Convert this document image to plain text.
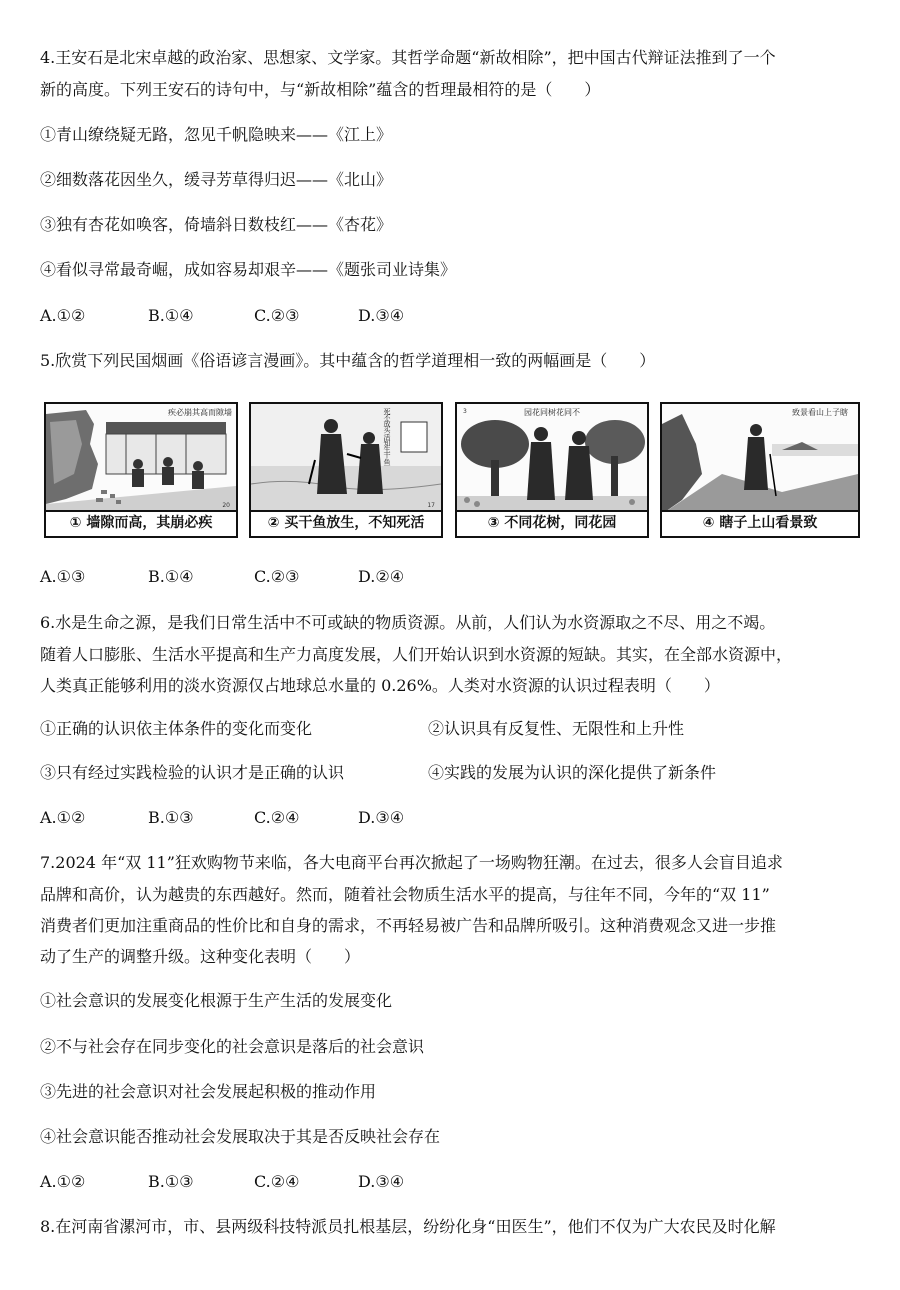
4.王安石是北宋卓越的政治家、思想家、文学家。其哲学命题“新故相除”，把中国古代辩证法推到了一个
新的高度。下列王安石的诗句中，与“新故相除”蕴含的哲理最相符的是（　　）
①青山缭绕疑无路，忽见千帆隐映来——《江上》
②细数落花因坐久，缓寻芳草得归迟——《北山》
③独有杏花如唤客，倚墙斜日数枝红——《杏花》
④看似寻常最奇崛，成如容易却艰辛——《题张司业诗集》
A.①②	B.①④	C.②③	D.③④
5.欣赏下列民国烟画《俗语谚言漫画》。其中蕴含的哲学道理相一致的两幅画是（　　）
疾必崩其高而隙墙
20
① 墙隙而高，其崩必疾
死不放买 活知生干 鱼
17
② 买干鱼放生，不知死活
园花同树花同不
3
③ 不同花树，同花园
致景看山上子瞎
④ 瞎子上山看景致
A.①③	B.①④	C.②③	D.②④
6.水是生命之源，是我们日常生活中不可或缺的物质资源。从前，人们认为水资源取之不尽、用之不竭。
随着人口膨胀、生活水平提高和生产力高度发展，人们开始认识到水资源的短缺。其实，在全部水资源中，
人类真正能够利用的淡水资源仅占地球总水量的 0.26%。人类对水资源的认识过程表明（　　）
①正确的认识依主体条件的变化而变化	②认识具有反复性、无限性和上升性
③只有经过实践检验的认识才是正确的认识	④实践的发展为认识的深化提供了新条件
A.①②	B.①③	C.②④	D.③④
7.2024 年“双 11”狂欢购物节来临，各大电商平台再次掀起了一场购物狂潮。在过去，很多人会盲目追求
品牌和高价，认为越贵的东西越好。然而，随着社会物质生活水平的提高，与往年不同，今年的“双 11”
消费者们更加注重商品的性价比和自身的需求，不再轻易被广告和品牌所吸引。这种消费观念又进一步推
动了生产的调整升级。这种变化表明（　　）
①社会意识的发展变化根源于生产生活的发展变化
②不与社会存在同步变化的社会意识是落后的社会意识
③先进的社会意识对社会发展起积极的推动作用
④社会意识能否推动社会发展取决于其是否反映社会存在
A.①②	B.①③	C.②④	D.③④
8.在河南省漯河市，市、县两级科技特派员扎根基层，纷纷化身“田医生”，他们不仅为广大农民及时化解
